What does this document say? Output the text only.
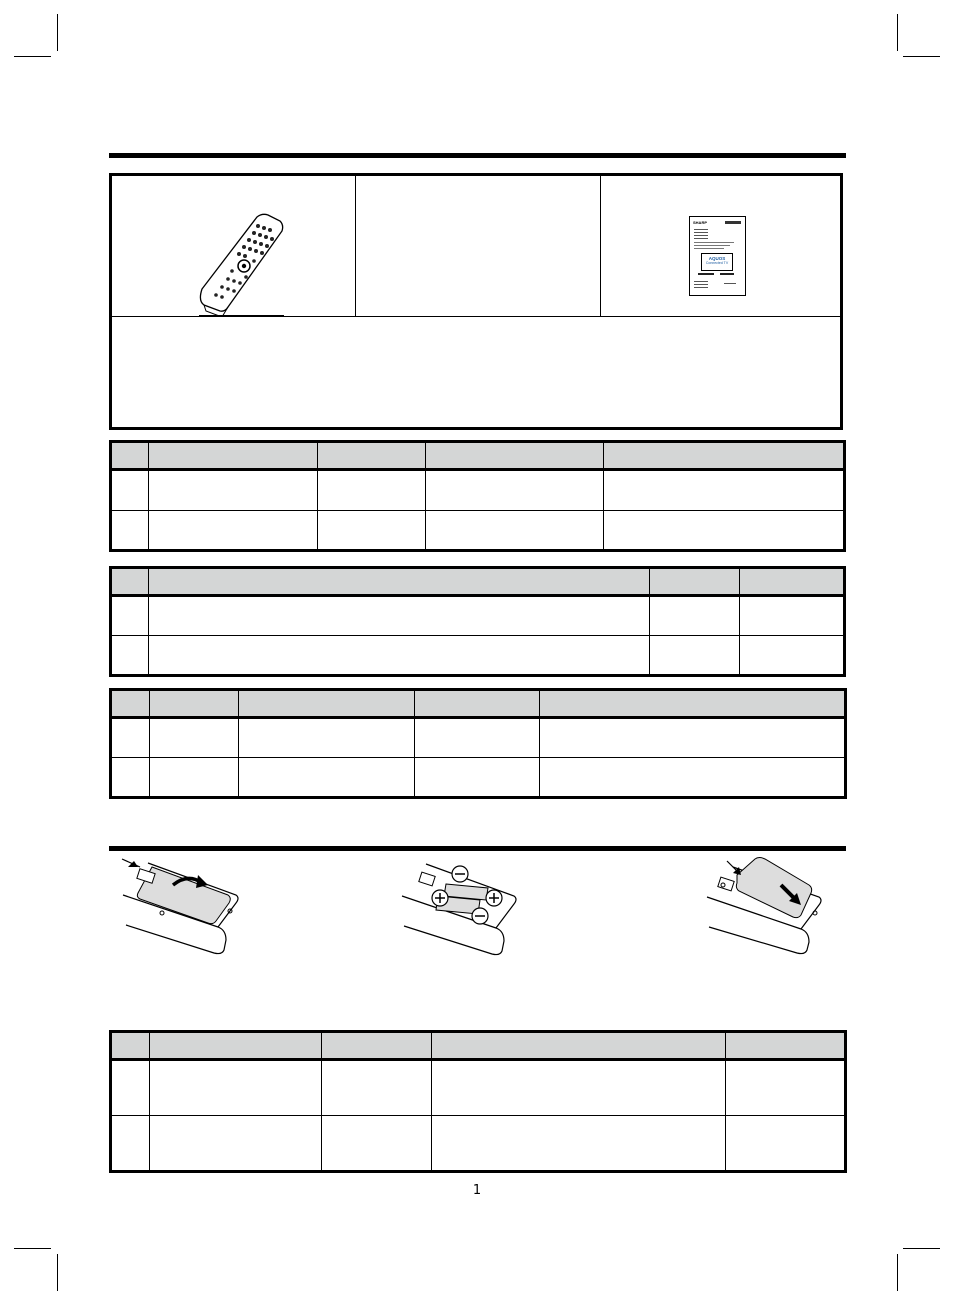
SHARP
AQUOS
Connected TV

1
